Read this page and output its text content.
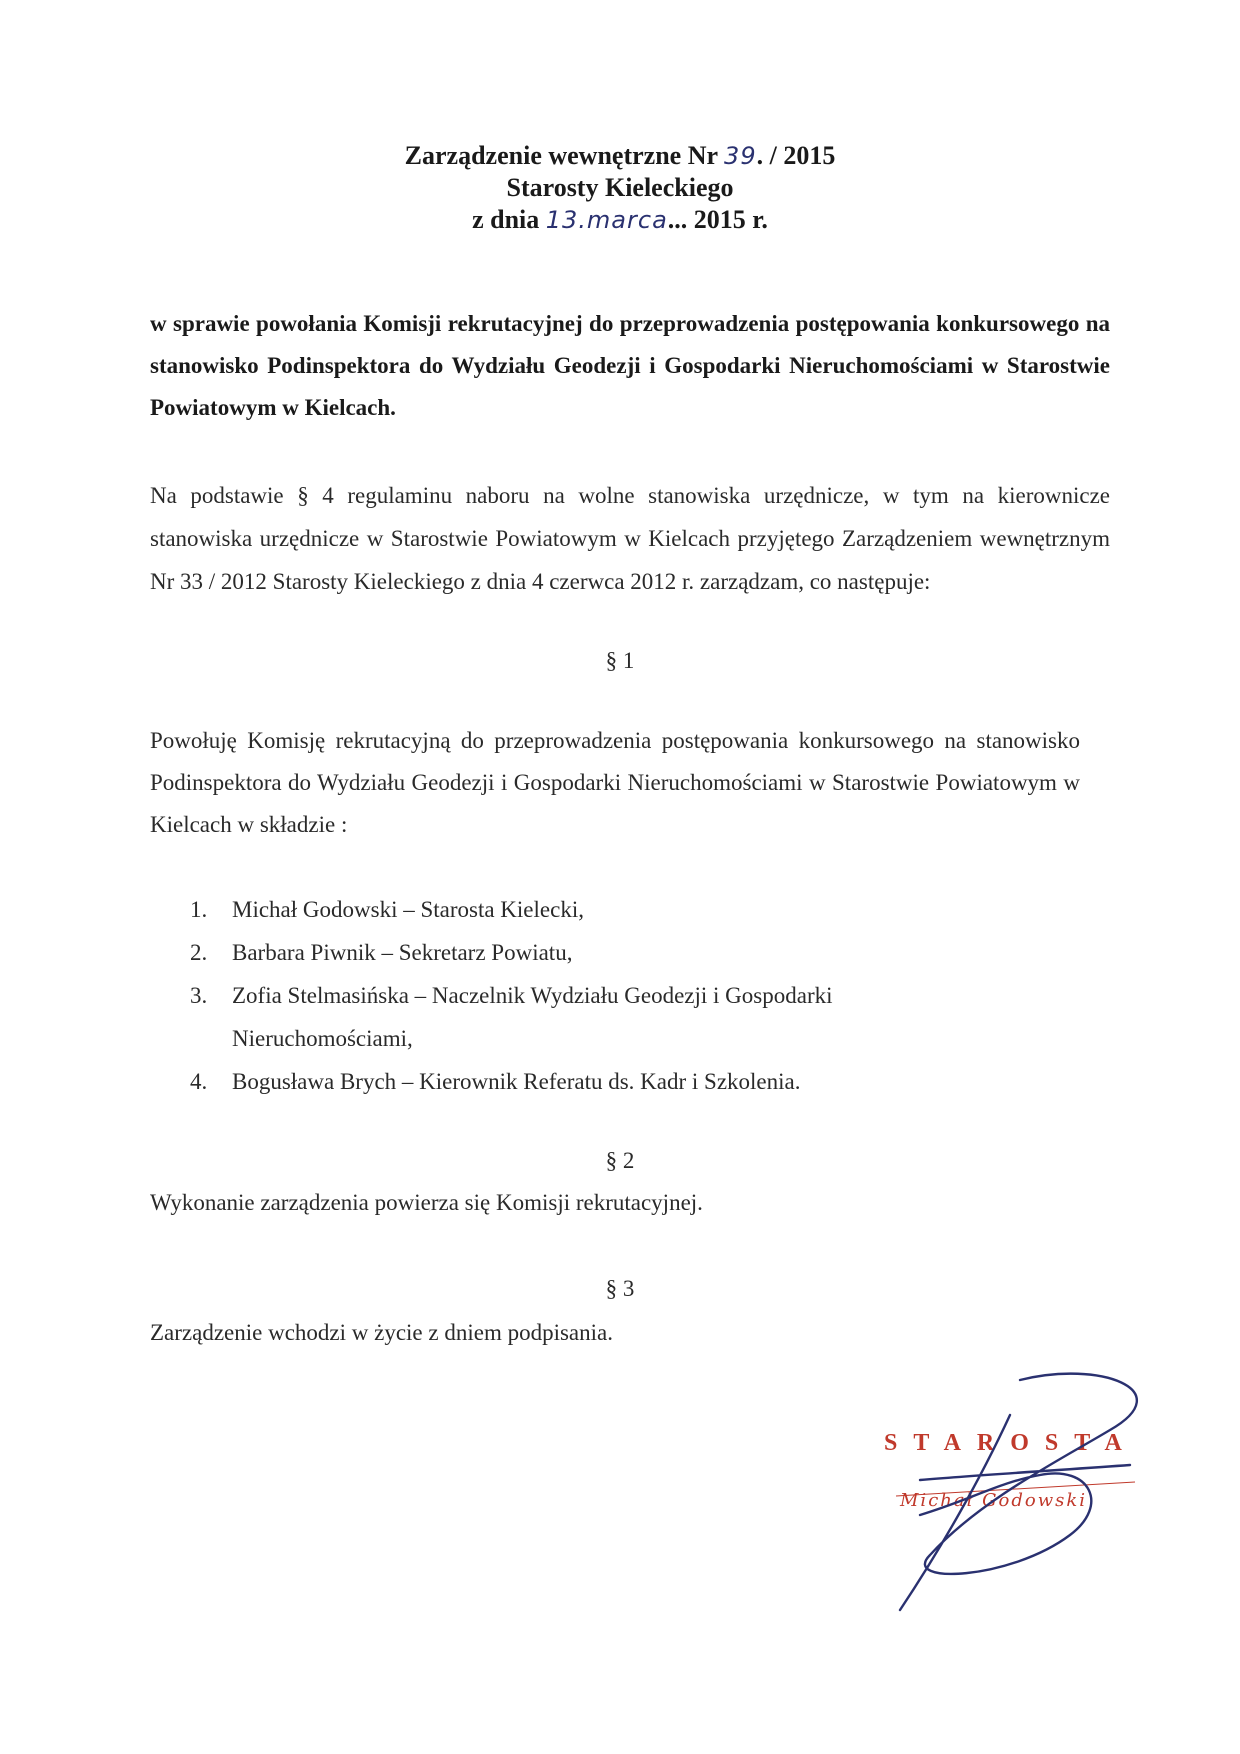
Zarządzenie wewnętrzne Nr 39. / 2015
Starosty Kieleckiego
z dnia 13.marca... 2015 r.
w sprawie powołania Komisji rekrutacyjnej do przeprowadzenia postępowania konkursowego na stanowisko Podinspektora do Wydziału Geodezji i Gospodarki Nieruchomościami w Starostwie Powiatowym w Kielcach.
Na podstawie § 4 regulaminu naboru na wolne stanowiska urzędnicze, w tym na kierownicze stanowiska urzędnicze w Starostwie Powiatowym w Kielcach przyjętego Zarządzeniem wewnętrznym Nr 33 / 2012 Starosty Kieleckiego z dnia 4 czerwca 2012 r. zarządzam, co następuje:
§ 1
Powołuję Komisję rekrutacyjną do przeprowadzenia postępowania konkursowego na stanowisko Podinspektora do Wydziału Geodezji i Gospodarki Nieruchomościami w Starostwie Powiatowym w Kielcach w składzie :
1.	Michał Godowski – Starosta Kielecki,
2.	Barbara Piwnik – Sekretarz Powiatu,
3.	Zofia Stelmasińska – Naczelnik Wydziału Geodezji i Gospodarki Nieruchomościami,
4.	Bogusława Brych – Kierownik Referatu ds. Kadr i Szkolenia.
§ 2
Wykonanie zarządzenia powierza się Komisji rekrutacyjnej.
§ 3
Zarządzenie wchodzi w życie z dniem podpisania.
STAROSTA
Michał Godowski
